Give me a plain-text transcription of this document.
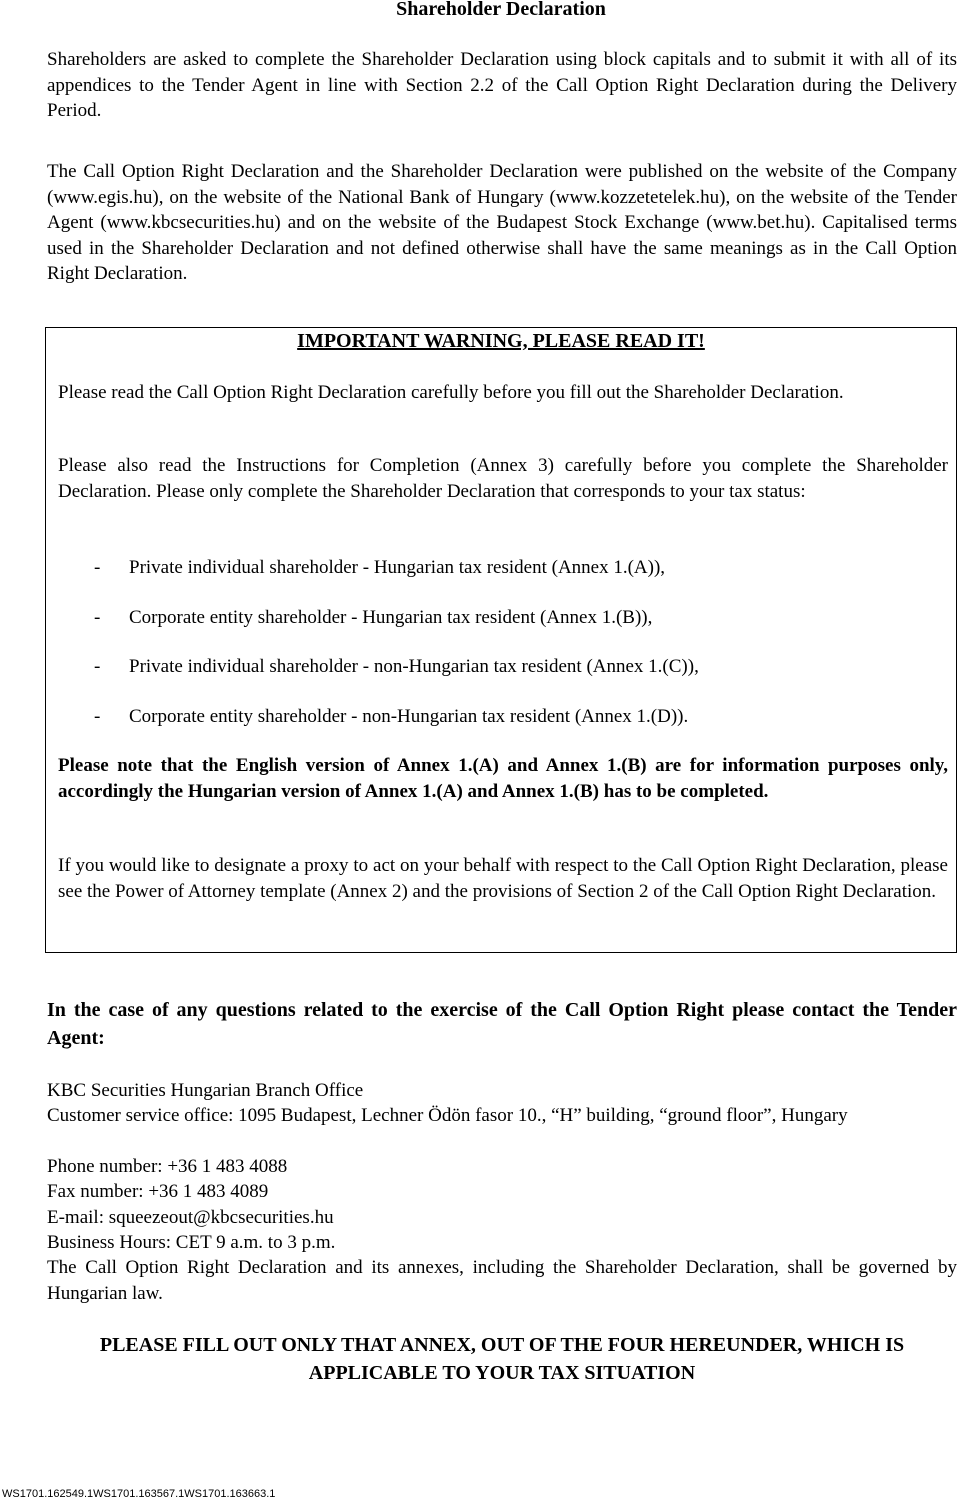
Shareholder Declaration

Shareholders are asked to complete the Shareholder Declaration using block capitals and to submit it with all of its appendices to the Tender Agent in line with Section 2.2 of the Call Option Right Declaration during the Delivery Period.

The Call Option Right Declaration and the Shareholder Declaration were published on the website of the Company (www.egis.hu), on the website of the National Bank of Hungary (www.kozzetetelek.hu), on the website of the Tender Agent (www.kbcsecurities.hu) and on the website of the Budapest Stock Exchange (www.bet.hu). Capitalised terms used in the Shareholder Declaration and not defined otherwise shall have the same meanings as in the Call Option Right Declaration.

IMPORTANT WARNING, PLEASE READ IT!

Please read the Call Option Right Declaration carefully before you fill out the Shareholder Declaration.

Please also read the Instructions for Completion (Annex 3) carefully before you complete the Shareholder Declaration. Please only complete the Shareholder Declaration that corresponds to your tax status:

- Private individual shareholder - Hungarian tax resident (Annex 1.(A)),
- Corporate entity shareholder - Hungarian tax resident (Annex 1.(B)),
- Private individual shareholder - non-Hungarian tax resident (Annex 1.(C)),
- Corporate entity shareholder - non-Hungarian tax resident (Annex 1.(D)).

Please note that the English version of Annex 1.(A) and Annex 1.(B) are for information purposes only, accordingly the Hungarian version of Annex 1.(A) and Annex 1.(B) has to be completed.

If you would like to designate a proxy to act on your behalf with respect to the Call Option Right Declaration, please see the Power of Attorney template (Annex 2) and the provisions of Section 2 of the Call Option Right Declaration.

In the case of any questions related to the exercise of the Call Option Right please contact the Tender Agent:

KBC Securities Hungarian Branch Office

Customer service office: 1095 Budapest, Lechner Ödön fasor 10., “H” building, “ground floor”, Hungary

Phone number: +36 1 483 4088

Fax number: +36 1 483 4089

E-mail: squeezeout@kbcsecurities.hu

Business Hours: CET 9 a.m. to 3 p.m.

The Call Option Right Declaration and its annexes, including the Shareholder Declaration, shall be governed by Hungarian law.

PLEASE FILL OUT ONLY THAT ANNEX, OUT OF THE FOUR HEREUNDER, WHICH IS APPLICABLE TO YOUR TAX SITUATION

WS1701.162549.1WS1701.163567.1WS1701.163663.1
